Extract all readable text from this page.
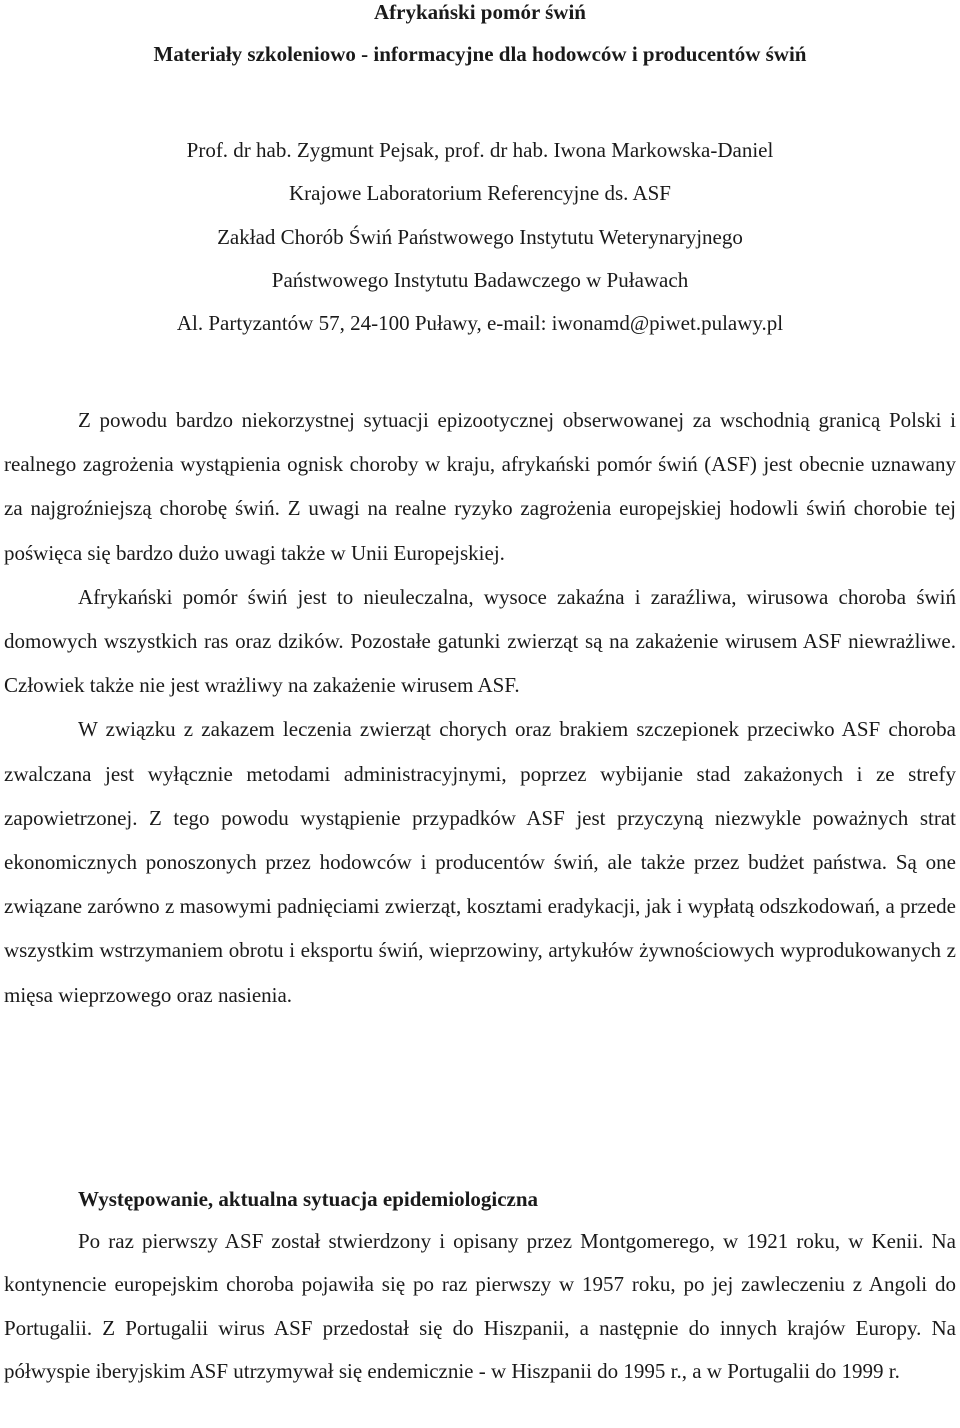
Afrykański pomór świń
Materiały szkoleniowo - informacyjne dla hodowców i producentów świń
Prof. dr hab. Zygmunt Pejsak, prof. dr hab. Iwona Markowska-Daniel
Krajowe Laboratorium Referencyjne ds. ASF
Zakład Chorób Świń Państwowego Instytutu Weterynaryjnego
Państwowego Instytutu Badawczego w Puławach
Al. Partyzantów 57, 24-100 Puławy, e-mail: iwonamd@piwet.pulawy.pl

Z powodu bardzo niekorzystnej sytuacji epizootycznej obserwowanej za wschodnią granicą Polski i realnego zagrożenia wystąpienia ognisk choroby w kraju, afrykański pomór świń (ASF) jest obecnie uznawany za najgroźniejszą chorobę świń. Z uwagi na realne ryzyko zagrożenia europejskiej hodowli świń chorobie tej poświęca się bardzo dużo uwagi także w Unii Europejskiej.

Afrykański pomór świń jest to nieuleczalna, wysoce zakaźna i zaraźliwa, wirusowa choroba świń domowych wszystkich ras oraz dzików. Pozostałe gatunki zwierząt są na zakażenie wirusem ASF niewrażliwe. Człowiek także nie jest wrażliwy na zakażenie wirusem ASF.

W związku z zakazem leczenia zwierząt chorych oraz brakiem szczepionek przeciwko ASF choroba zwalczana jest wyłącznie metodami administracyjnymi, poprzez wybijanie stad zakażonych i ze strefy zapowietrzonej. Z tego powodu wystąpienie przypadków ASF jest przyczyną niezwykle poważnych strat ekonomicznych ponoszonych przez hodowców i producentów świń, ale także przez budżet państwa. Są one związane zarówno z masowymi padnięciami zwierząt, kosztami eradykacji, jak i wypłatą odszkodowań, a przede wszystkim wstrzymaniem obrotu i eksportu świń, wieprzowiny, artykułów żywnościowych wyprodukowanych z mięsa wieprzowego oraz nasienia.

Występowanie, aktualna sytuacja epidemiologiczna

Po raz pierwszy ASF został stwierdzony i opisany przez Montgomerego, w 1921 roku, w Kenii. Na kontynencie europejskim choroba pojawiła się po raz pierwszy w 1957 roku, po jej zawleczeniu z Angoli do Portugalii. Z Portugalii wirus ASF przedostał się do Hiszpanii, a następnie do innych krajów Europy. Na półwyspie iberyjskim ASF utrzymywał się endemicznie - w Hiszpanii do 1995 r., a w Portugalii do 1999 r.
